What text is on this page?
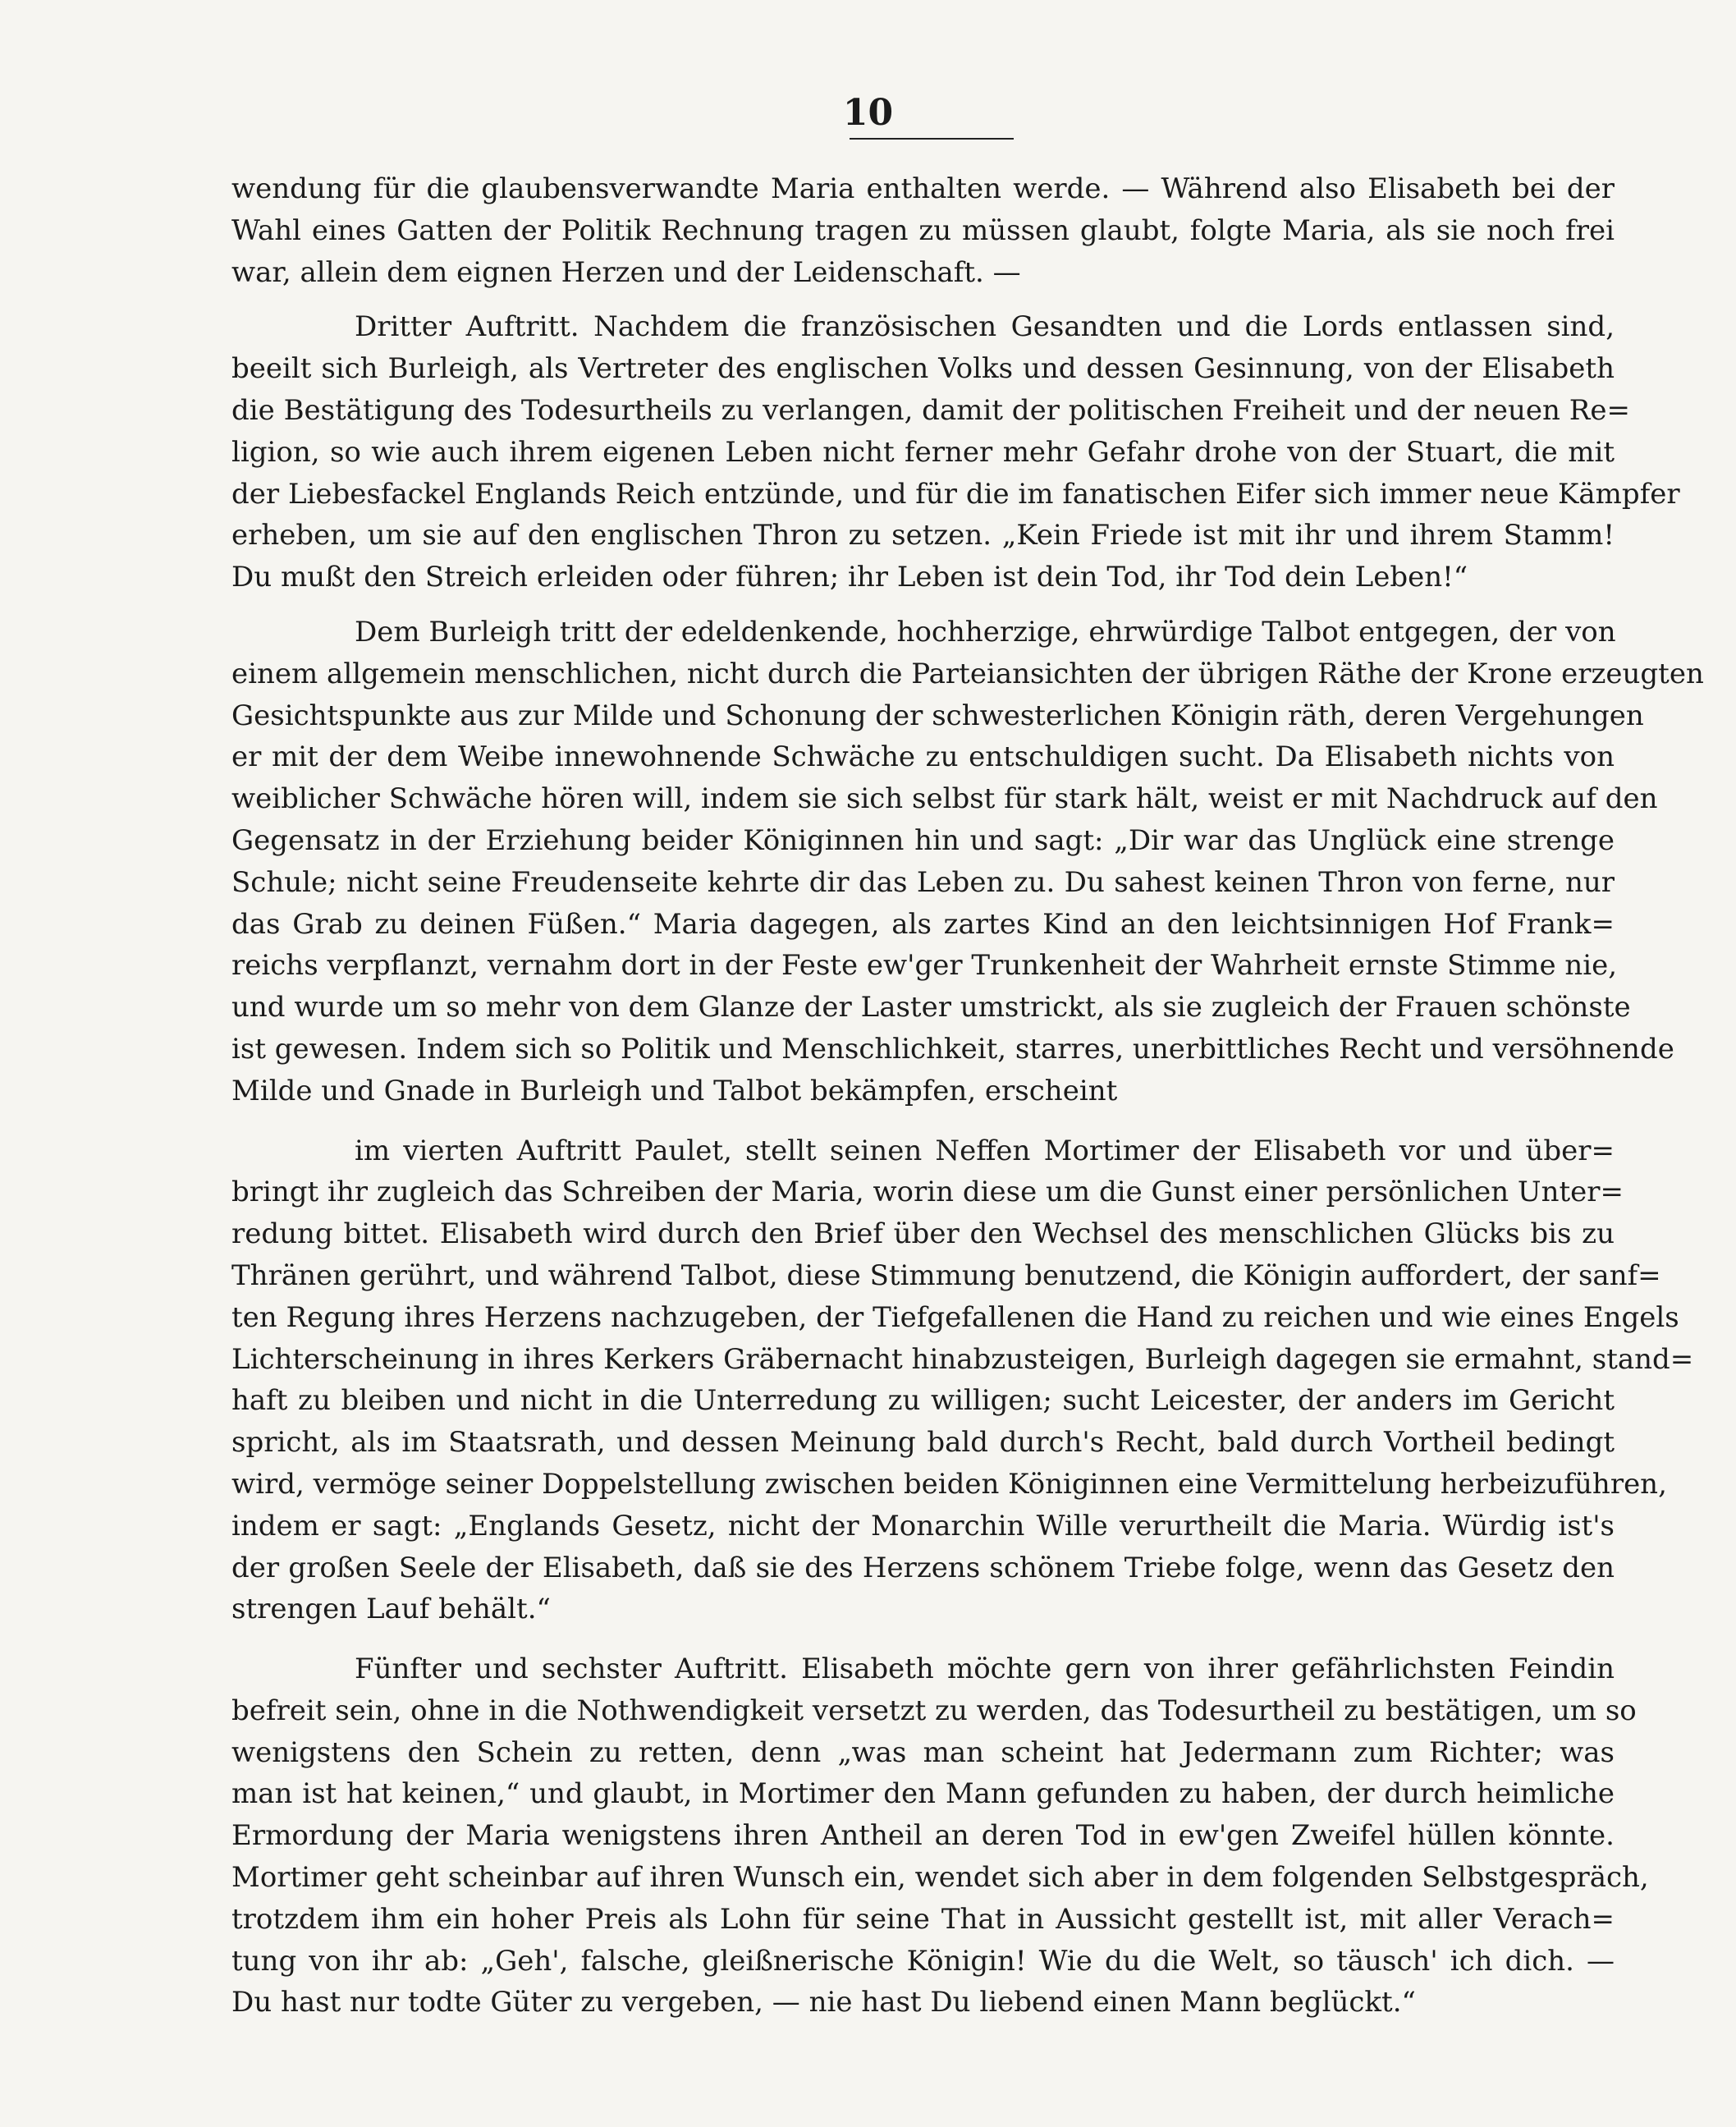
10
wendung für die glaubensverwandte Maria enthalten werde. — Während also Elisabeth bei der
Wahl eines Gatten der Politik Rechnung tragen zu müssen glaubt, folgte Maria, als sie noch frei
war, allein dem eignen Herzen und der Leidenschaft. —
Dritter Auftritt. Nachdem die französischen Gesandten und die Lords entlassen sind,
beeilt sich Burleigh, als Vertreter des englischen Volks und dessen Gesinnung, von der Elisabeth
die Bestätigung des Todesurtheils zu verlangen, damit der politischen Freiheit und der neuen Re=
ligion, so wie auch ihrem eigenen Leben nicht ferner mehr Gefahr drohe von der Stuart, die mit
der Liebesfackel Englands Reich entzünde, und für die im fanatischen Eifer sich immer neue Kämpfer
erheben, um sie auf den englischen Thron zu setzen. „Kein Friede ist mit ihr und ihrem Stamm!
Du mußt den Streich erleiden oder führen; ihr Leben ist dein Tod, ihr Tod dein Leben!“
Dem Burleigh tritt der edeldenkende, hochherzige, ehrwürdige Talbot entgegen, der von
einem allgemein menschlichen, nicht durch die Parteiansichten der übrigen Räthe der Krone erzeugten
Gesichtspunkte aus zur Milde und Schonung der schwesterlichen Königin räth, deren Vergehungen
er mit der dem Weibe innewohnende Schwäche zu entschuldigen sucht. Da Elisabeth nichts von
weiblicher Schwäche hören will, indem sie sich selbst für stark hält, weist er mit Nachdruck auf den
Gegensatz in der Erziehung beider Königinnen hin und sagt: „Dir war das Unglück eine strenge
Schule; nicht seine Freudenseite kehrte dir das Leben zu. Du sahest keinen Thron von ferne, nur
das Grab zu deinen Füßen.“ Maria dagegen, als zartes Kind an den leichtsinnigen Hof Frank=
reichs verpflanzt, vernahm dort in der Feste ew'ger Trunkenheit der Wahrheit ernste Stimme nie,
und wurde um so mehr von dem Glanze der Laster umstrickt, als sie zugleich der Frauen schönste
ist gewesen. Indem sich so Politik und Menschlichkeit, starres, unerbittliches Recht und versöhnende
Milde und Gnade in Burleigh und Talbot bekämpfen, erscheint
im vierten Auftritt Paulet, stellt seinen Neffen Mortimer der Elisabeth vor und über=
bringt ihr zugleich das Schreiben der Maria, worin diese um die Gunst einer persönlichen Unter=
redung bittet. Elisabeth wird durch den Brief über den Wechsel des menschlichen Glücks bis zu
Thränen gerührt, und während Talbot, diese Stimmung benutzend, die Königin auffordert, der sanf=
ten Regung ihres Herzens nachzugeben, der Tiefgefallenen die Hand zu reichen und wie eines Engels
Lichterscheinung in ihres Kerkers Gräbernacht hinabzusteigen, Burleigh dagegen sie ermahnt, stand=
haft zu bleiben und nicht in die Unterredung zu willigen; sucht Leicester, der anders im Gericht
spricht, als im Staatsrath, und dessen Meinung bald durch's Recht, bald durch Vortheil bedingt
wird, vermöge seiner Doppelstellung zwischen beiden Königinnen eine Vermittelung herbeizuführen,
indem er sagt: „Englands Gesetz, nicht der Monarchin Wille verurtheilt die Maria. Würdig ist's
der großen Seele der Elisabeth, daß sie des Herzens schönem Triebe folge, wenn das Gesetz den
strengen Lauf behält.“
Fünfter und sechster Auftritt. Elisabeth möchte gern von ihrer gefährlichsten Feindin
befreit sein, ohne in die Nothwendigkeit versetzt zu werden, das Todesurtheil zu bestätigen, um so
wenigstens den Schein zu retten, denn „was man scheint hat Jedermann zum Richter; was
man ist hat keinen,“ und glaubt, in Mortimer den Mann gefunden zu haben, der durch heimliche
Ermordung der Maria wenigstens ihren Antheil an deren Tod in ew'gen Zweifel hüllen könnte.
Mortimer geht scheinbar auf ihren Wunsch ein, wendet sich aber in dem folgenden Selbstgespräch,
trotzdem ihm ein hoher Preis als Lohn für seine That in Aussicht gestellt ist, mit aller Verach=
tung von ihr ab: „Geh', falsche, gleißnerische Königin! Wie du die Welt, so täusch' ich dich. —
Du hast nur todte Güter zu vergeben, — nie hast Du liebend einen Mann beglückt.“
